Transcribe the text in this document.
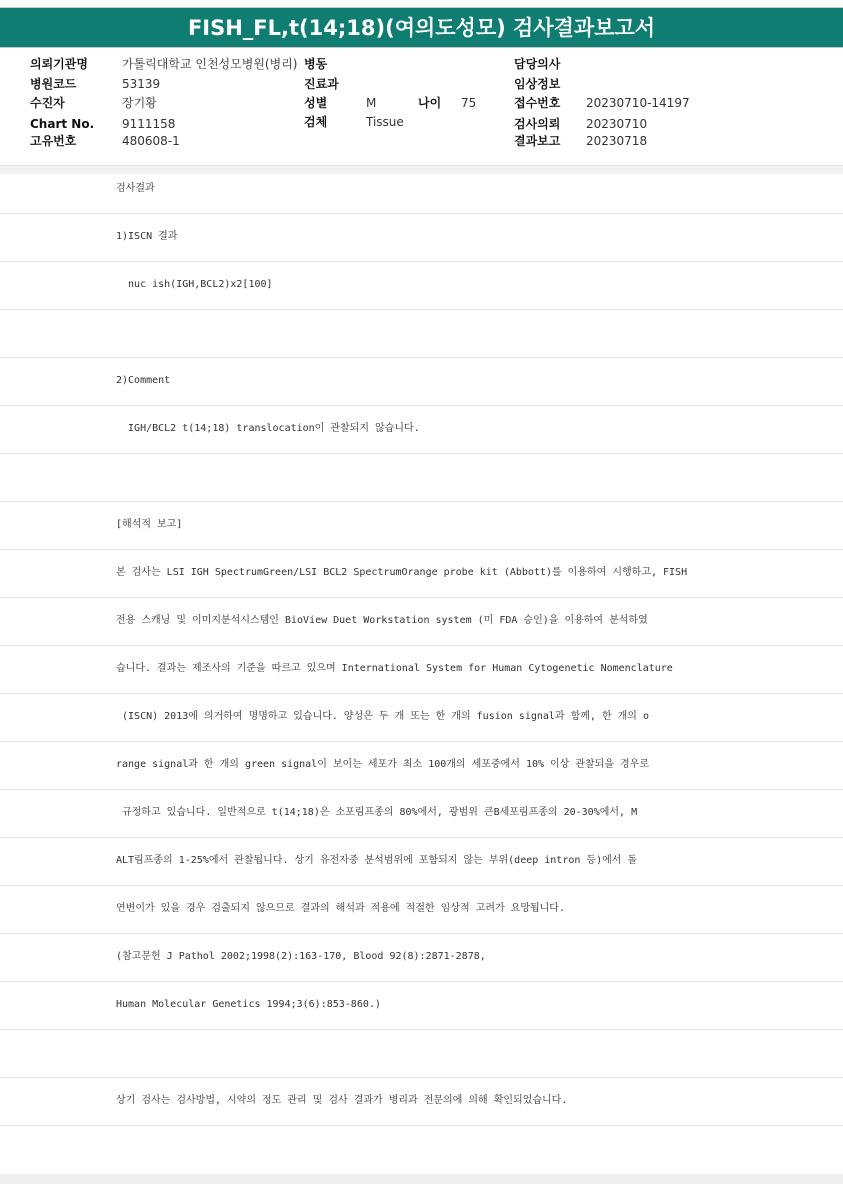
FISH_FL,t(14;18)(여의도성모) 검사결과보고서
의뢰기관명	가톨릭대학교 인천성모병원(병리)
병원코드	53139
수진자	장기황
Chart No. 9111158
고유번호	480608-1
병동
진료과
성별	M	나이 75
검체	Tissue
담당의사
임상정보
접수번호 20230710-14197
검사의뢰 20230710
결과보고 20230718
검사결과
1)ISCN 결과
nuc ish(IGH,BCL2)x2[100]
2)Comment
IGH/BCL2 t(14;18) translocation이 관찰되지 않습니다.
[해석적 보고]
본 검사는 LSI IGH SpectrumGreen/LSI BCL2 SpectrumOrange probe kit (Abbott)를 이용하여 시행하고, FISH
전용 스캐닝 및 이미지분석시스템인 BioView Duet Workstation system (미 FDA 승인)을 이용하여 분석하였
습니다. 결과는 제조사의 기준을 따르고 있으며 International System for Human Cytogenetic Nomenclature
(ISCN) 2013에 의거하여 명명하고 있습니다. 양성은 두 개 또는 한 개의 fusion signal과 함께, 한 개의 o
range signal과 한 개의 green signal이 보이는 세포가 최소 100개의 세포중에서 10% 이상 관찰되을 경우로
규정하고 있습니다. 일반적으로 t(14;18)은 소포림프종의 80%에서, 광범위 큰B세포림프종의 20-30%에서, M
ALT림프종의 1-25%에서 관찰됩니다. 상기 유전자중 분석범위에 포함되지 않는 부위(deep intron 등)에서 돌
연변이가 있을 경우 검출되지 않으므로 결과의 해석과 적용에 적절한 임상적 고려가 요망됩니다.
(참고문헌 J Pathol 2002;1998(2):163-170, Blood 92(8):2871-2878,
Human Molecular Genetics 1994;3(6):853-860.)
상기 검사는 검사방법, 시약의 정도 관리 및 검사 결과가 병리과 전문의에 의해 확인되었습니다.
